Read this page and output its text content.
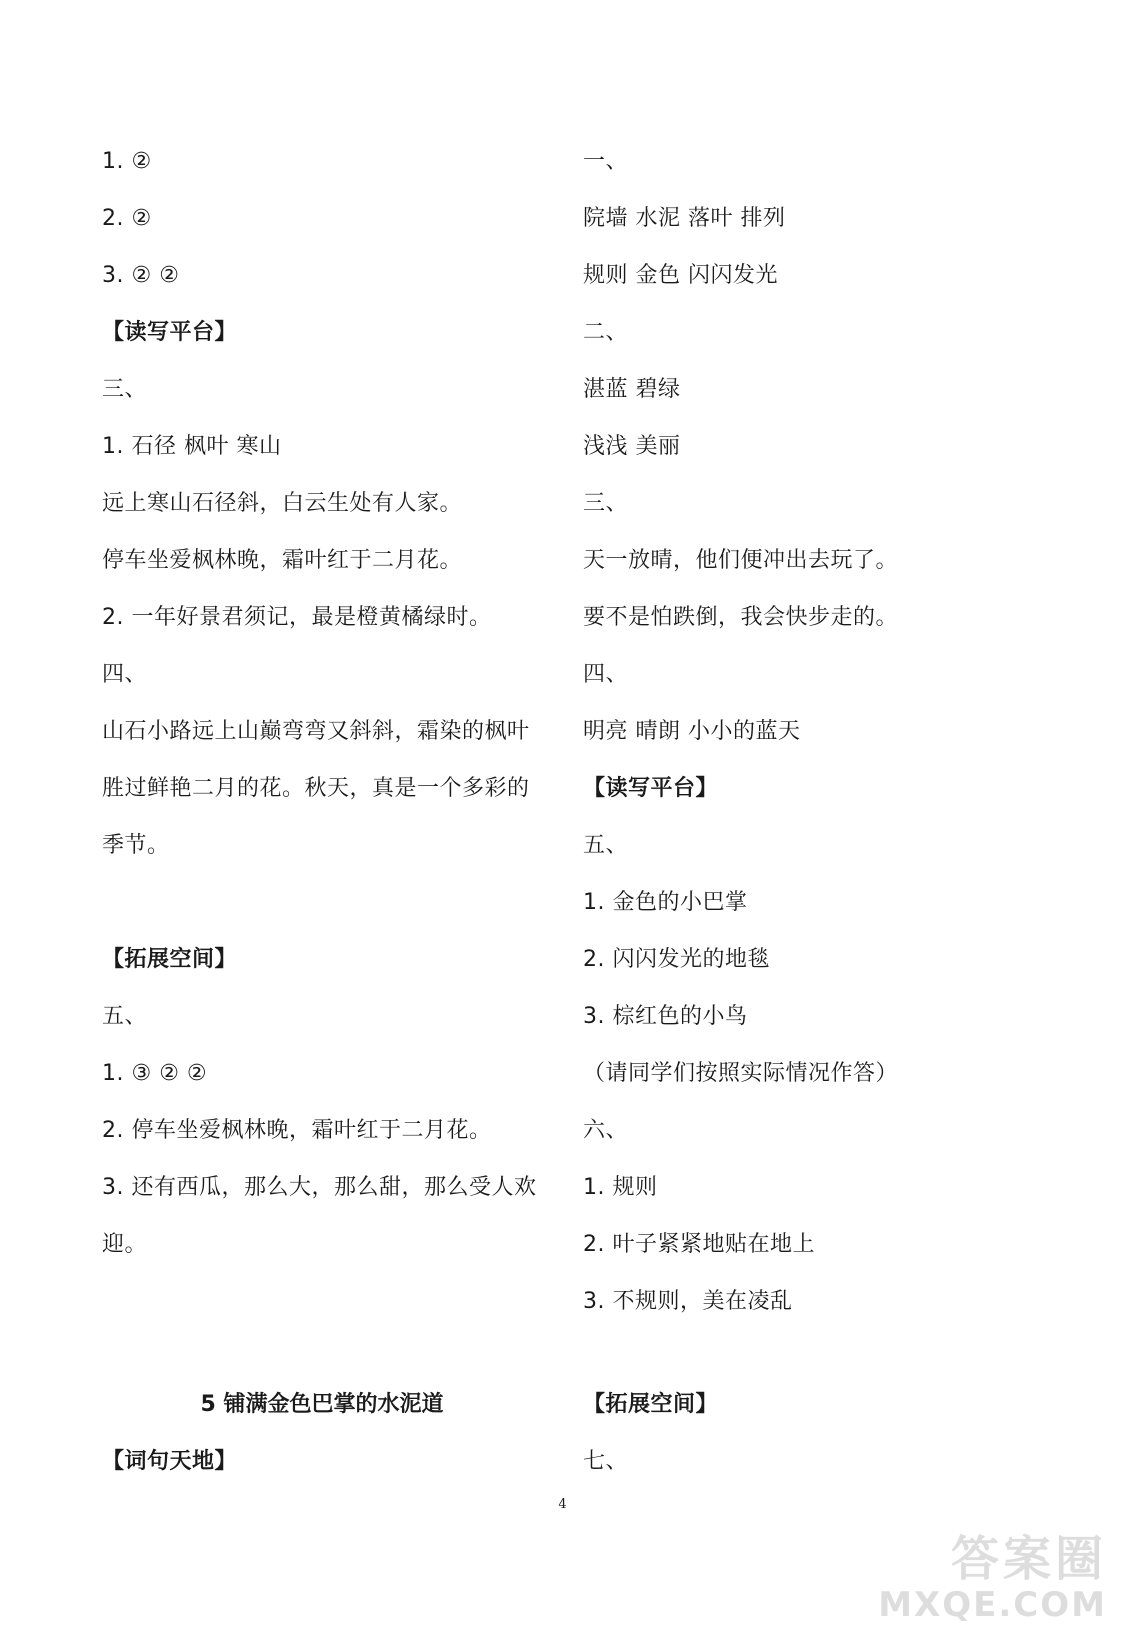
1. ②
2. ②
3. ② ②
【读写平台】
三、
1. 石径 枫叶 寒山
远上寒山石径斜，白云生处有人家。
停车坐爱枫林晚，霜叶红于二月花。
2. 一年好景君须记，最是橙黄橘绿时。
四、
山石小路远上山巅弯弯又斜斜，霜染的枫叶
胜过鲜艳二月的花。秋天，真是一个多彩的
季节。
【拓展空间】
五、
1. ③ ② ②
2. 停车坐爱枫林晚，霜叶红于二月花。
3. 还有西瓜，那么大，那么甜，那么受人欢
迎。
【词句天地】
5 铺满金色巴掌的水泥道
一、
院墙 水泥 落叶 排列
规则 金色 闪闪发光
二、
湛蓝 碧绿
浅浅 美丽
三、
天一放晴，他们便冲出去玩了。
要不是怕跌倒，我会快步走的。
四、
明亮 晴朗 小小的蓝天
【读写平台】
五、
1. 金色的小巴掌
2. 闪闪发光的地毯
3. 棕红色的小鸟
（请同学们按照实际情况作答）
六、
1. 规则
2. 叶子紧紧地贴在地上
3. 不规则，美在凌乱
【拓展空间】
七、
4
答案圈
MXQE.COM
